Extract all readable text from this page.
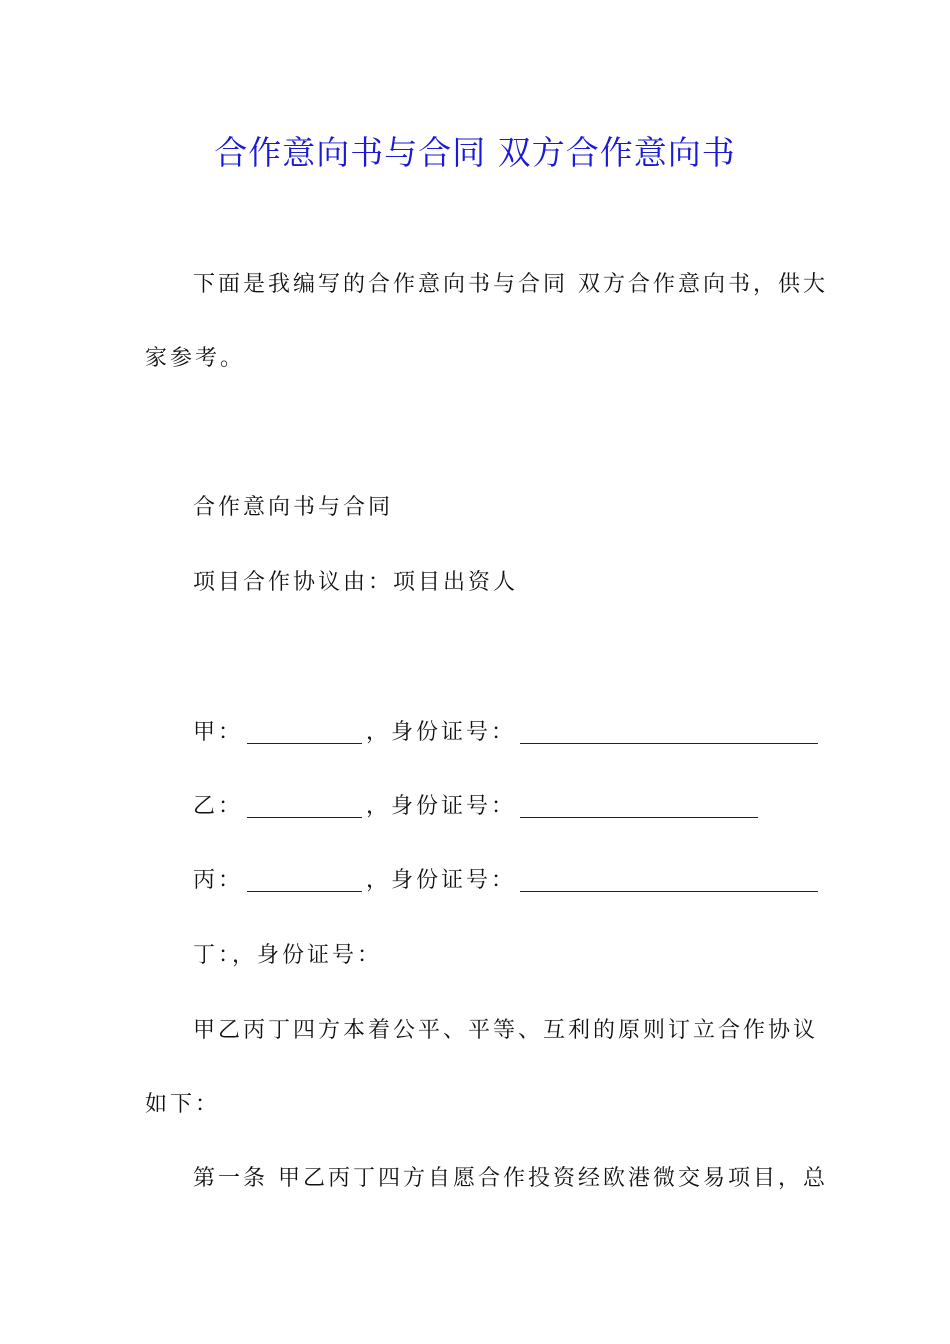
合作意向书与合同 双方合作意向书
下面是我编写的合作意向书与合同 双方合作意向书，供大
家参考。
合作意向书与合同
项目合作协议由：项目出资人
甲：	，身份证号：
乙：	，身份证号：
丙：	，身份证号：
丁：，身份证号：
甲乙丙丁四方本着公平、平等、互利的原则订立合作协议
如下：
第一条 甲乙丙丁四方自愿合作投资经欧港微交易项目，总
